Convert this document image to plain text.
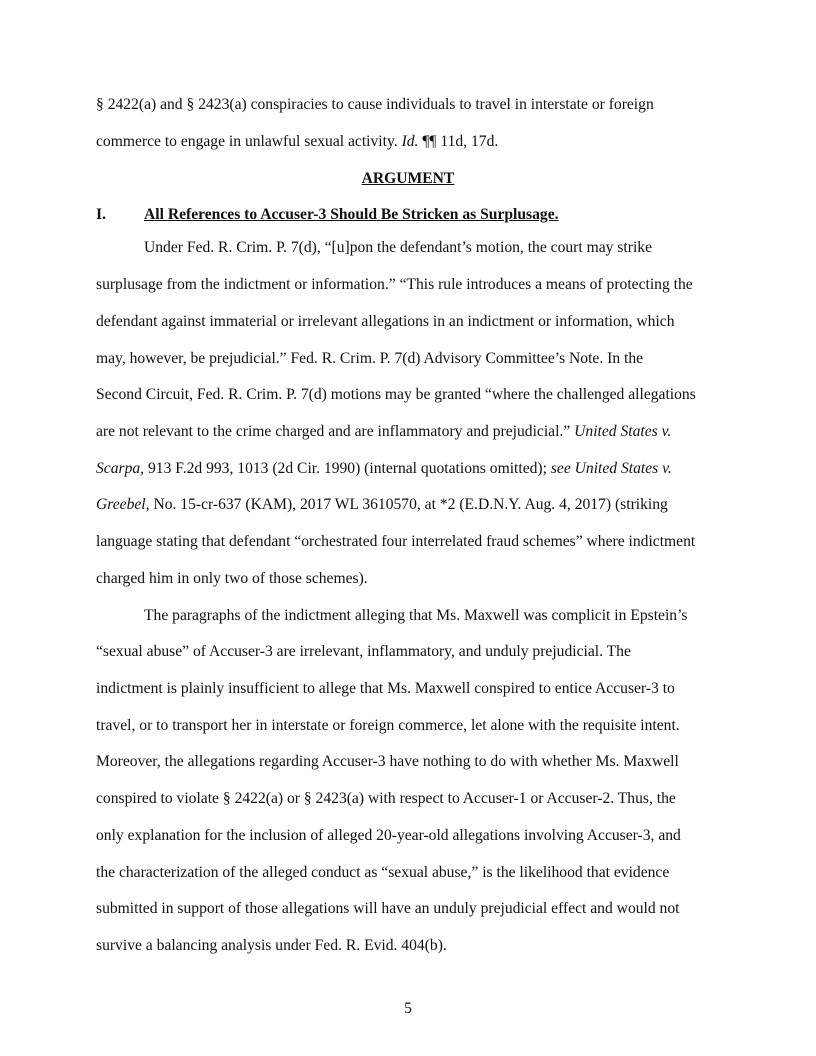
§ 2422(a) and § 2423(a) conspiracies to cause individuals to travel in interstate or foreign
commerce to engage in unlawful sexual activity. Id. ¶¶ 11d, 17d.
ARGUMENT
I. All References to Accuser-3 Should Be Stricken as Surplusage.
Under Fed. R. Crim. P. 7(d), “[u]pon the defendant’s motion, the court may strike
surplusage from the indictment or information.” “This rule introduces a means of protecting the
defendant against immaterial or irrelevant allegations in an indictment or information, which
may, however, be prejudicial.” Fed. R. Crim. P. 7(d) Advisory Committee’s Note. In the
Second Circuit, Fed. R. Crim. P. 7(d) motions may be granted “where the challenged allegations
are not relevant to the crime charged and are inflammatory and prejudicial.” United States v.
Scarpa, 913 F.2d 993, 1013 (2d Cir. 1990) (internal quotations omitted); see United States v.
Greebel, No. 15-cr-637 (KAM), 2017 WL 3610570, at *2 (E.D.N.Y. Aug. 4, 2017) (striking
language stating that defendant “orchestrated four interrelated fraud schemes” where indictment
charged him in only two of those schemes).
The paragraphs of the indictment alleging that Ms. Maxwell was complicit in Epstein’s
“sexual abuse” of Accuser-3 are irrelevant, inflammatory, and unduly prejudicial. The
indictment is plainly insufficient to allege that Ms. Maxwell conspired to entice Accuser-3 to
travel, or to transport her in interstate or foreign commerce, let alone with the requisite intent.
Moreover, the allegations regarding Accuser-3 have nothing to do with whether Ms. Maxwell
conspired to violate § 2422(a) or § 2423(a) with respect to Accuser-1 or Accuser-2. Thus, the
only explanation for the inclusion of alleged 20-year-old allegations involving Accuser-3, and
the characterization of the alleged conduct as “sexual abuse,” is the likelihood that evidence
submitted in support of those allegations will have an unduly prejudicial effect and would not
survive a balancing analysis under Fed. R. Evid. 404(b).
5
